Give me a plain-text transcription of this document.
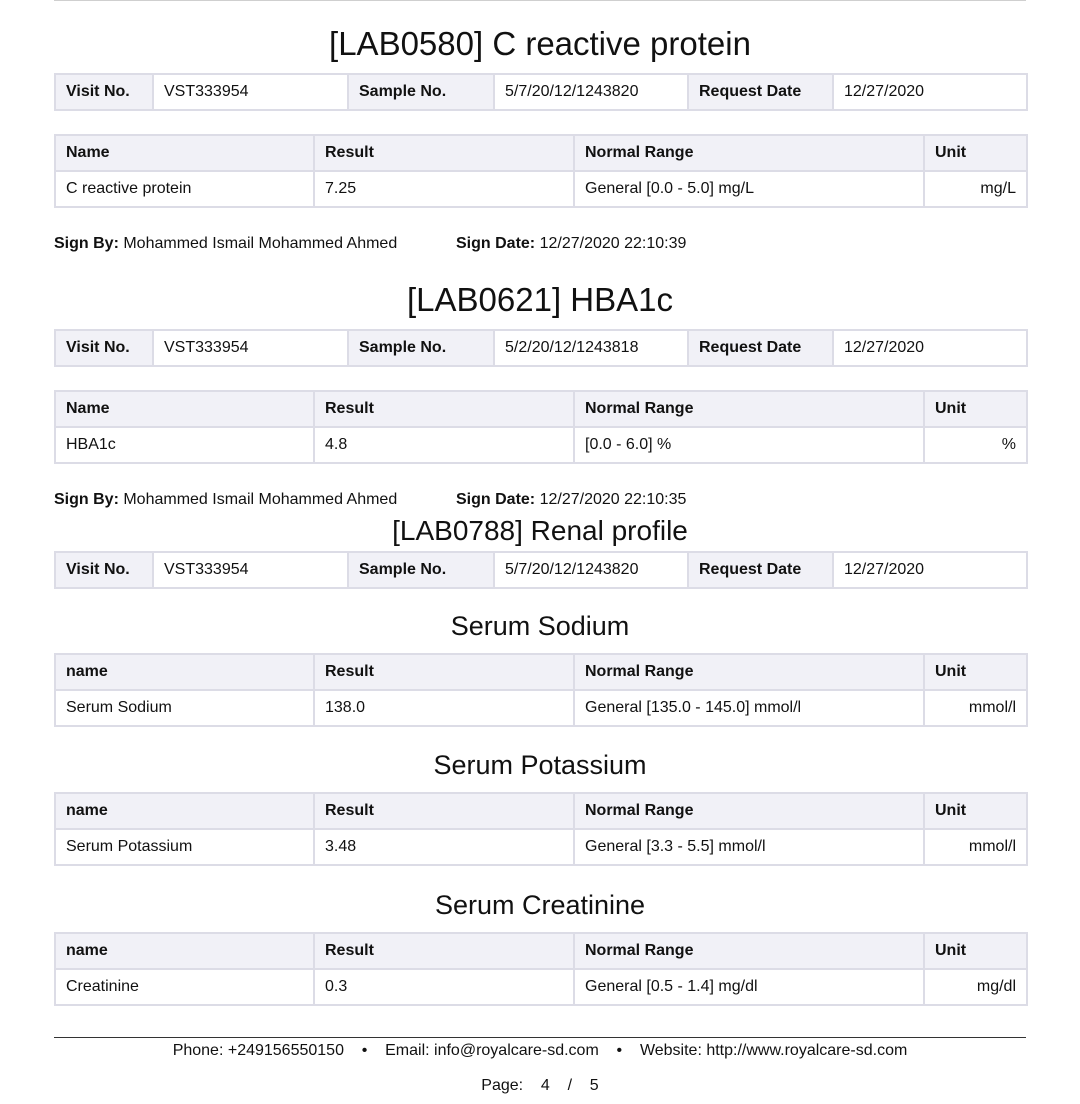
[LAB0580] C reactive protein
Visit No.	VST333954	Sample No.	5/7/20/12/1243820	Request Date	12/27/2020
Name	Result	Normal Range	Unit
C reactive protein	7.25	General [0.0 - 5.0] mg/L	mg/L
Sign By: Mohammed Ismail Mohammed Ahmed	Sign Date: 12/27/2020 22:10:39
[LAB0621] HBA1c
Visit No.	VST333954	Sample No.	5/2/20/12/1243818	Request Date	12/27/2020
Name	Result	Normal Range	Unit
HBA1c	4.8	[0.0 - 6.0] %	%
Sign By: Mohammed Ismail Mohammed Ahmed	Sign Date: 12/27/2020 22:10:35
[LAB0788] Renal profile
Visit No.	VST333954	Sample No.	5/7/20/12/1243820	Request Date	12/27/2020
Serum Sodium
name	Result	Normal Range	Unit
Serum Sodium	138.0	General [135.0 - 145.0] mmol/l	mmol/l
Serum Potassium
name	Result	Normal Range	Unit
Serum Potassium	3.48	General [3.3 - 5.5] mmol/l	mmol/l
Serum Creatinine
name	Result	Normal Range	Unit
Creatinine	0.3	General [0.5 - 1.4] mg/dl	mg/dl
Phone: +249156550150    •    Email: info@royalcare-sd.com    •    Website: http://www.royalcare-sd.com
Page: 4 / 5
